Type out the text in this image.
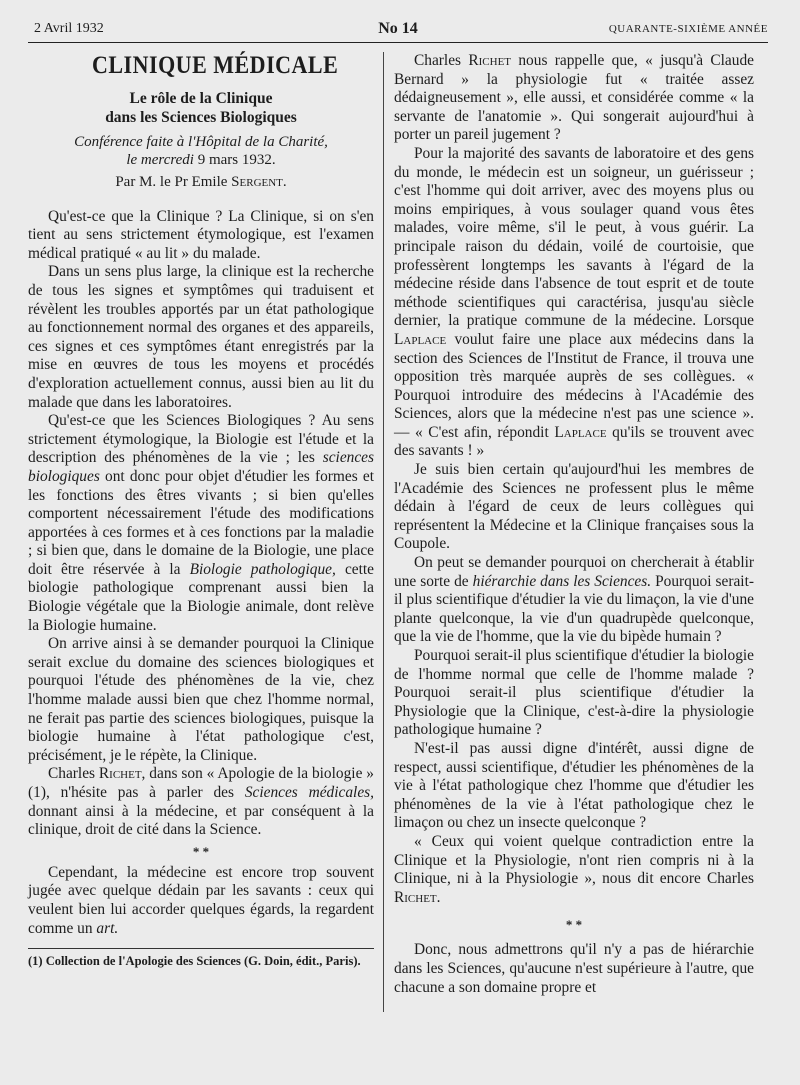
2 Avril 1932	No 14	QUARANTE-SIXIÈME ANNÉE
CLINIQUE MÉDICALE
Le rôle de la Clinique
dans les Sciences Biologiques
Conférence faite à l'Hôpital de la Charité,
le mercredi 9 mars 1932.
Par M. le Pr Emile Sergent.

Qu'est-ce que la Clinique ? La Clinique, si on s'en tient au sens strictement étymologique, est l'examen médical pratiqué « au lit » du malade.

Dans un sens plus large, la clinique est la recherche de tous les signes et symptômes qui traduisent et révèlent les troubles apportés par un état pathologique au fonctionnement normal des organes et des appareils, ces signes et ces symptômes étant enregistrés par la mise en œuvres de tous les moyens et procédés d'exploration actuellement connus, aussi bien au lit du malade que dans les laboratoires.

Qu'est-ce que les Sciences Biologiques ? Au sens strictement étymologique, la Biologie est l'étude et la description des phénomènes de la vie ; les sciences biologiques ont donc pour objet d'étudier les formes et les fonctions des êtres vivants ; si bien qu'elles comportent nécessairement l'étude des modifications apportées à ces formes et à ces fonctions par la maladie ; si bien que, dans le domaine de la Biologie, une place doit être réservée à la Biologie pathologique, cette biologie pathologique comprenant aussi bien la Biologie végétale que la Biologie animale, dont relève la Biologie humaine.

On arrive ainsi à se demander pourquoi la Clinique serait exclue du domaine des sciences biologiques et pourquoi l'étude des phénomènes de la vie, chez l'homme malade aussi bien que chez l'homme normal, ne ferait pas partie des sciences biologiques, puisque la biologie humaine à l'état pathologique c'est, précisément, je le répète, la Clinique.

Charles Richet, dans son « Apologie de la biologie » (1), n'hésite pas à parler des Sciences médicales, donnant ainsi à la médecine, et par conséquent à la clinique, droit de cité dans la Science.

* *

Cependant, la médecine est encore trop souvent jugée avec quelque dédain par les savants : ceux qui veulent bien lui accorder quelques égards, la regardent comme un art.

(1) Collection de l'Apologie des Sciences (G. Doin, édit., Paris).

Charles Richet nous rappelle que, « jusqu'à Claude Bernard » la physiologie fut « traitée assez dédaigneusement », elle aussi, et considérée comme « la servante de l'anatomie ». Qui songerait aujourd'hui à porter un pareil jugement ?

Pour la majorité des savants de laboratoire et des gens du monde, le médecin est un soigneur, un guérisseur ; c'est l'homme qui doit arriver, avec des moyens plus ou moins empiriques, à vous soulager quand vous êtes malades, voire même, s'il le peut, à vous guérir. La principale raison du dédain, voilé de courtoisie, que professèrent longtemps les savants à l'égard de la médecine réside dans l'absence de tout esprit et de toute méthode scientifiques qui caractérisa, jusqu'au siècle dernier, la pratique commune de la médecine. Lorsque Laplace voulut faire une place aux médecins dans la section des Sciences de l'Institut de France, il trouva une opposition très marquée auprès de ses collègues. « Pourquoi introduire des médecins à l'Académie des Sciences, alors que la médecine n'est pas une science ». — « C'est afin, répondit Laplace qu'ils se trouvent avec des savants ! »

Je suis bien certain qu'aujourd'hui les membres de l'Académie des Sciences ne professent plus le même dédain à l'égard de ceux de leurs collègues qui représentent la Médecine et la Clinique françaises sous la Coupole.

On peut se demander pourquoi on chercherait à établir une sorte de hiérarchie dans les Sciences. Pourquoi serait-il plus scientifique d'étudier la vie du limaçon, la vie d'une plante quelconque, la vie d'un quadrupède quelconque, que la vie de l'homme, que la vie du bipède humain ?

Pourquoi serait-il plus scientifique d'étudier la biologie de l'homme normal que celle de l'homme malade ? Pourquoi serait-il plus scientifique d'étudier la Physiologie que la Clinique, c'est-à-dire la physiologie pathologique humaine ?

N'est-il pas aussi digne d'intérêt, aussi digne de respect, aussi scientifique, d'étudier les phénomènes de la vie à l'état pathologique chez l'homme que d'étudier les phénomènes de la vie à l'état pathologique chez le limaçon ou chez un insecte quelconque ?

« Ceux qui voient quelque contradiction entre la Clinique et la Physiologie, n'ont rien compris ni à la Clinique, ni à la Physiologie », nous dit encore Charles Richet.

* *

Donc, nous admettrons qu'il n'y a pas de hiérarchie dans les Sciences, qu'aucune n'est supérieure à l'autre, que chacune a son domaine propre et
